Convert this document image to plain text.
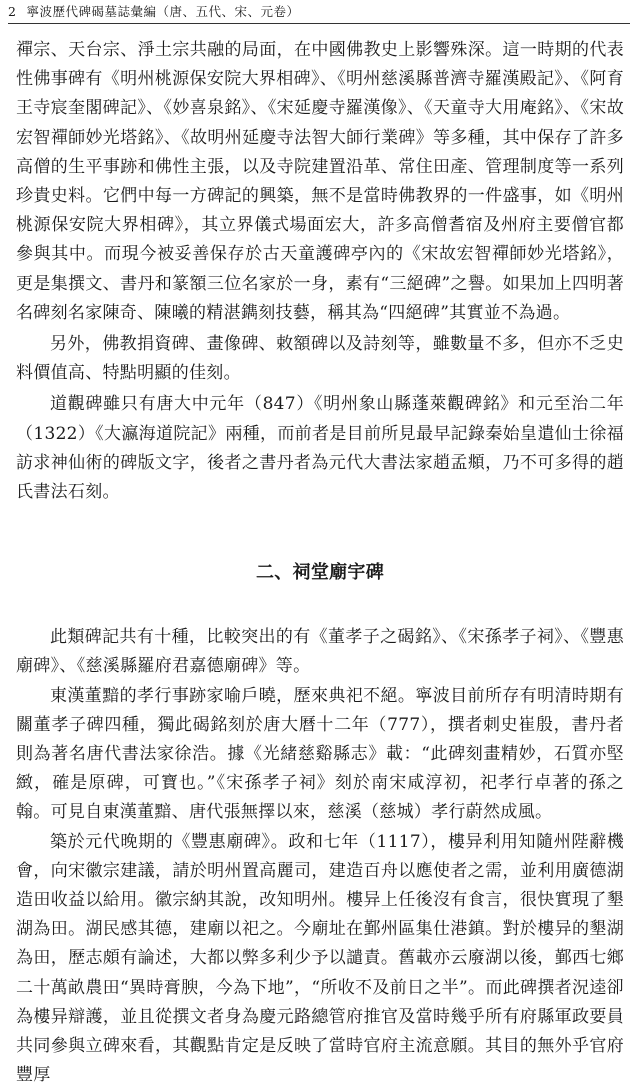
2 寧波歷代碑碣墓誌彙編（唐、五代、宋、元卷）

禪宗、天台宗、淨土宗共融的局面，在中國佛教史上影響殊深。這一時期的代表性佛事碑有《明州桃源保安院大界相碑》、《明州慈溪縣普濟寺羅漢殿記》、《阿育王寺宸奎閣碑記》、《妙喜泉銘》、《宋延慶寺羅漢像》、《天童寺大用庵銘》、《宋故宏智禪師妙光塔銘》、《故明州延慶寺法智大師行業碑》等多種，其中保存了許多高僧的生平事跡和佛性主張，以及寺院建置沿革、常住田產、管理制度等一系列珍貴史料。它們中每一方碑記的興築，無不是當時佛教界的一件盛事，如《明州桃源保安院大界相碑》，其立界儀式場面宏大，許多高僧耆宿及州府主要僧官都參與其中。而現今被妥善保存於古天童護碑亭內的《宋故宏智禪師妙光塔銘》，更是集撰文、書丹和篆額三位名家於一身，素有“三絕碑”之譽。如果加上四明著名碑刻名家陳奇、陳曦的精湛鐫刻技藝，稱其為“四絕碑”其實並不為過。

另外，佛教捐資碑、畫像碑、敕額碑以及詩刻等，雖數量不多，但亦不乏史料價值高、特點明顯的佳刻。

道觀碑雖只有唐大中元年（847）《明州象山縣蓬萊觀碑銘》和元至治二年（1322）《大瀛海道院記》兩種，而前者是目前所見最早記錄秦始皇遣仙士徐福訪求神仙術的碑版文字，後者之書丹者為元代大書法家趙孟頫，乃不可多得的趙氏書法石刻。

二、祠堂廟宇碑

此類碑記共有十種，比較突出的有《董孝子之碣銘》、《宋孫孝子祠》、《豐惠廟碑》、《慈溪縣羅府君嘉德廟碑》等。

東漢董黯的孝行事跡家喻戶曉，歷來典祀不絕。寧波目前所存有明清時期有關董孝子碑四種，獨此碣銘刻於唐大曆十二年（777），撰者刺史崔殷，書丹者則為著名唐代書法家徐浩。據《光緒慈谿縣志》載：“此碑刻畫精妙，石質亦堅緻，確是原碑，可寶也。”《宋孫孝子祠》刻於南宋咸淳初，祀孝行卓著的孫之翰。可見自東漢董黯、唐代張無擇以來，慈溪（慈城）孝行蔚然成風。

築於元代晚期的《豐惠廟碑》。政和七年（1117），樓异利用知隨州陛辭機會，向宋徽宗建議，請於明州置高麗司，建造百舟以應使者之需，並利用廣德湖造田收益以給用。徽宗納其說，改知明州。樓异上任後沒有食言，很快實現了墾湖為田。湖民感其德，建廟以祀之。今廟址在鄞州區集仕港鎮。對於樓异的墾湖為田，歷志頗有論述，大都以弊多利少予以譴責。舊載亦云廢湖以後，鄞西七鄉二十萬畝農田“異時膏腴，今為下地”，“所收不及前日之半”。而此碑撰者況逵卻為樓异辯護，並且從撰文者身為慶元路總管府推官及當時幾乎所有府縣軍政要員共同參與立碑來看，其觀點肯定是反映了當時官府主流意願。其目的無外乎官府豐厚
